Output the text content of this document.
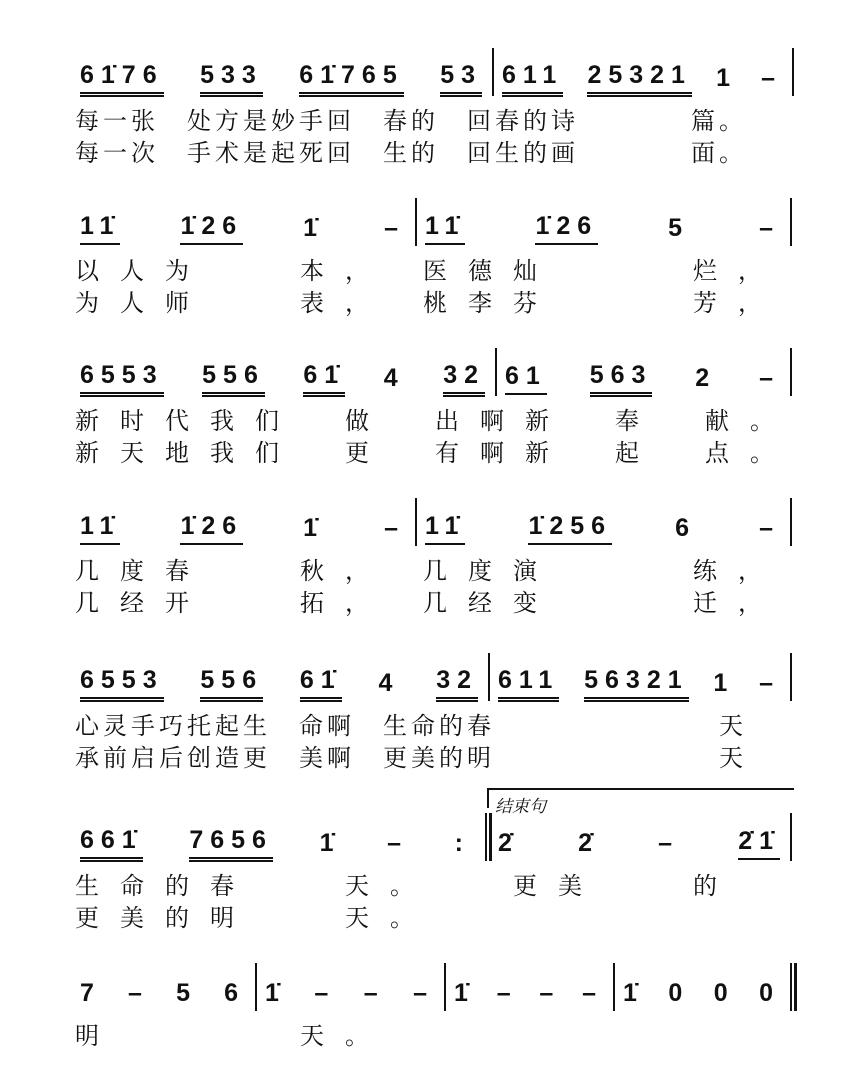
结束句
61̇76 533 61̇765 53 611 25321 1 –
每一张　处方是妙手回　春的　回春的诗　　　　篇。
每一次　手术是起死回　生的　回生的画　　　　面。
11̇ 1̇26 1̇ – 11̇	1̇26	5	–
以人为　　本，　医德灿　　　烂，
为人师　　表，　桃李芬　　　芳，
6553 556 61̇ 4 32 61 563 2 –
新时代我们　做　出啊新　奉　献。
新天地我们　更　有啊新　起　点。
11̇ 1̇26 1̇ – 11̇	1̇256	6	–
几度春　　秋，　几度演　　　练，
几经开　　拓，　几经变　　　迁，
6553 556 61̇ 4 32 611 56321 1 –
心灵手巧托起生　命啊　生命的春　　　　　　　　天
承前启后创造更　美啊　更美的明　　　　　　　　天
661̇ 7656 1̇ – : 2̇ 2̇ – 2̇1̇
生命的春　　天。　　更美　　的
更美的明　　天。
7 – 5 6 1̇ – – – 1̇ – – – 1̇ 0 0 0
明　　　　天。
